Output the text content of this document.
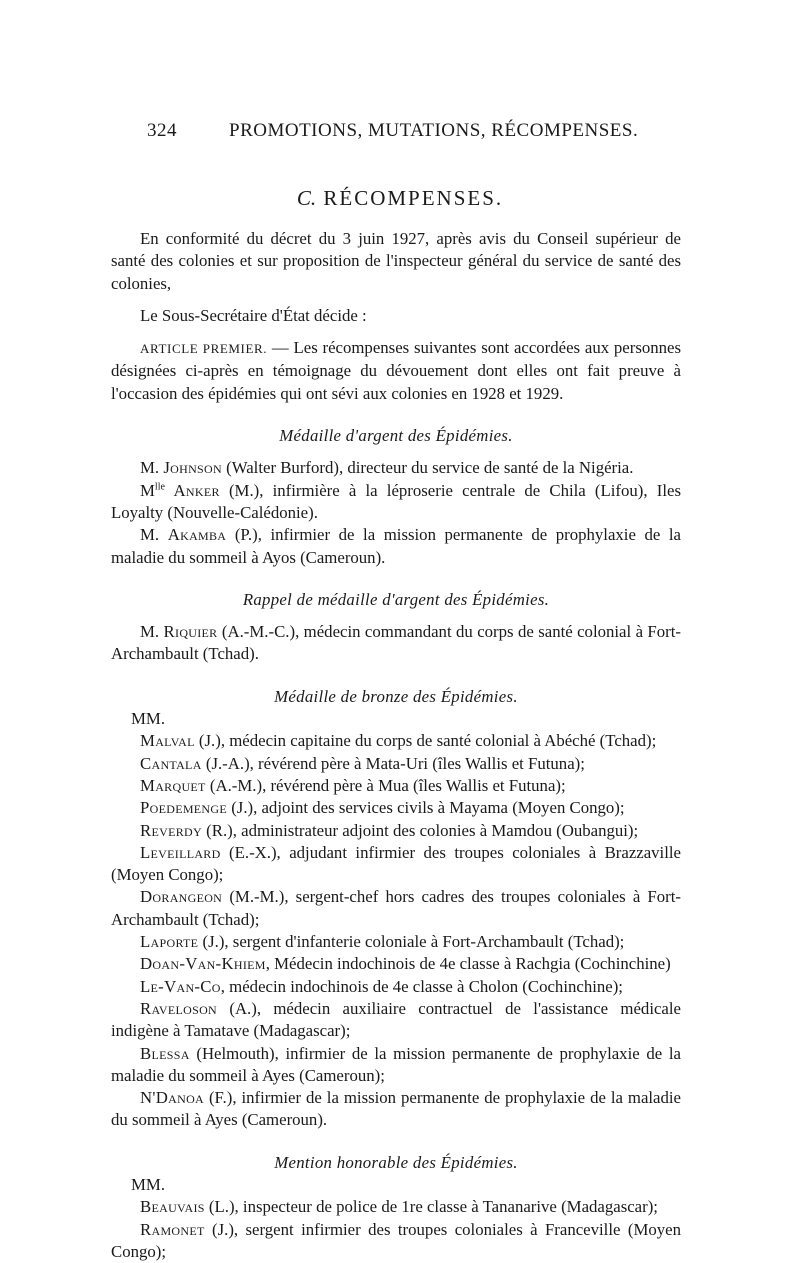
324	PROMOTIONS, MUTATIONS, RÉCOMPENSES.
C. RÉCOMPENSES.

En conformité du décret du 3 juin 1927, après avis du Conseil supérieur de santé des colonies et sur proposition de l'inspecteur général du service de santé des colonies,

Le Sous-Secrétaire d'État décide :

ARTICLE PREMIER. — Les récompenses suivantes sont accordées aux personnes désignées ci-après en témoignage du dévouement dont elles ont fait preuve à l'occasion des épidémies qui ont sévi aux colonies en 1928 et 1929.

Médaille d'argent des Épidémies.

M. Johnson (Walter Burford), directeur du service de santé de la Nigéria.

$M^{lle}$ Anker (M.), infirmière à la léproserie centrale de Chila (Lifou), Iles Loyalty (Nouvelle-Calédonie).

M. Akamba (P.), infirmier de la mission permanente de prophylaxie de la maladie du sommeil à Ayos (Cameroun).

Rappel de médaille d'argent des Épidémies.

M. Riquier (A.-M.-C.), médecin commandant du corps de santé colonial à Fort-Archambault (Tchad).

Médaille de bronze des Épidémies.

MM.

Malval (J.), médecin capitaine du corps de santé colonial à Abéché (Tchad);

Cantala (J.-A.), révérend père à Mata-Uri (îles Wallis et Futuna);

Marquet (A.-M.), révérend père à Mua (îles Wallis et Futuna);

Poedemenge (J.), adjoint des services civils à Mayama (Moyen Congo);

Reverdy (R.), administrateur adjoint des colonies à Mamdou (Oubangui);

Leveillard (E.-X.), adjudant infirmier des troupes coloniales à Brazzaville (Moyen Congo);

Dorangeon (M.-M.), sergent-chef hors cadres des troupes coloniales à Fort-Archambault (Tchad);

Laporte (J.), sergent d'infanterie coloniale à Fort-Archambault (Tchad);

Doan-Van-Khiem, Médecin indochinois de 4e classe à Rachgia (Cochinchine)

Le-Van-Co, médecin indochinois de 4e classe à Cholon (Cochinchine);

Raveloson (A.), médecin auxiliaire contractuel de l'assistance médicale indigène à Tamatave (Madagascar);

Blessa (Helmouth), infirmier de la mission permanente de prophylaxie de la maladie du sommeil à Ayes (Cameroun);

N'Danoa (F.), infirmier de la mission permanente de prophylaxie de la maladie du sommeil à Ayes (Cameroun).

Mention honorable des Épidémies.

MM.

Beauvais (L.), inspecteur de police de 1re classe à Tananarive (Madagascar);

Ramonet (J.), sergent infirmier des troupes coloniales à Franceville (Moyen Congo);
